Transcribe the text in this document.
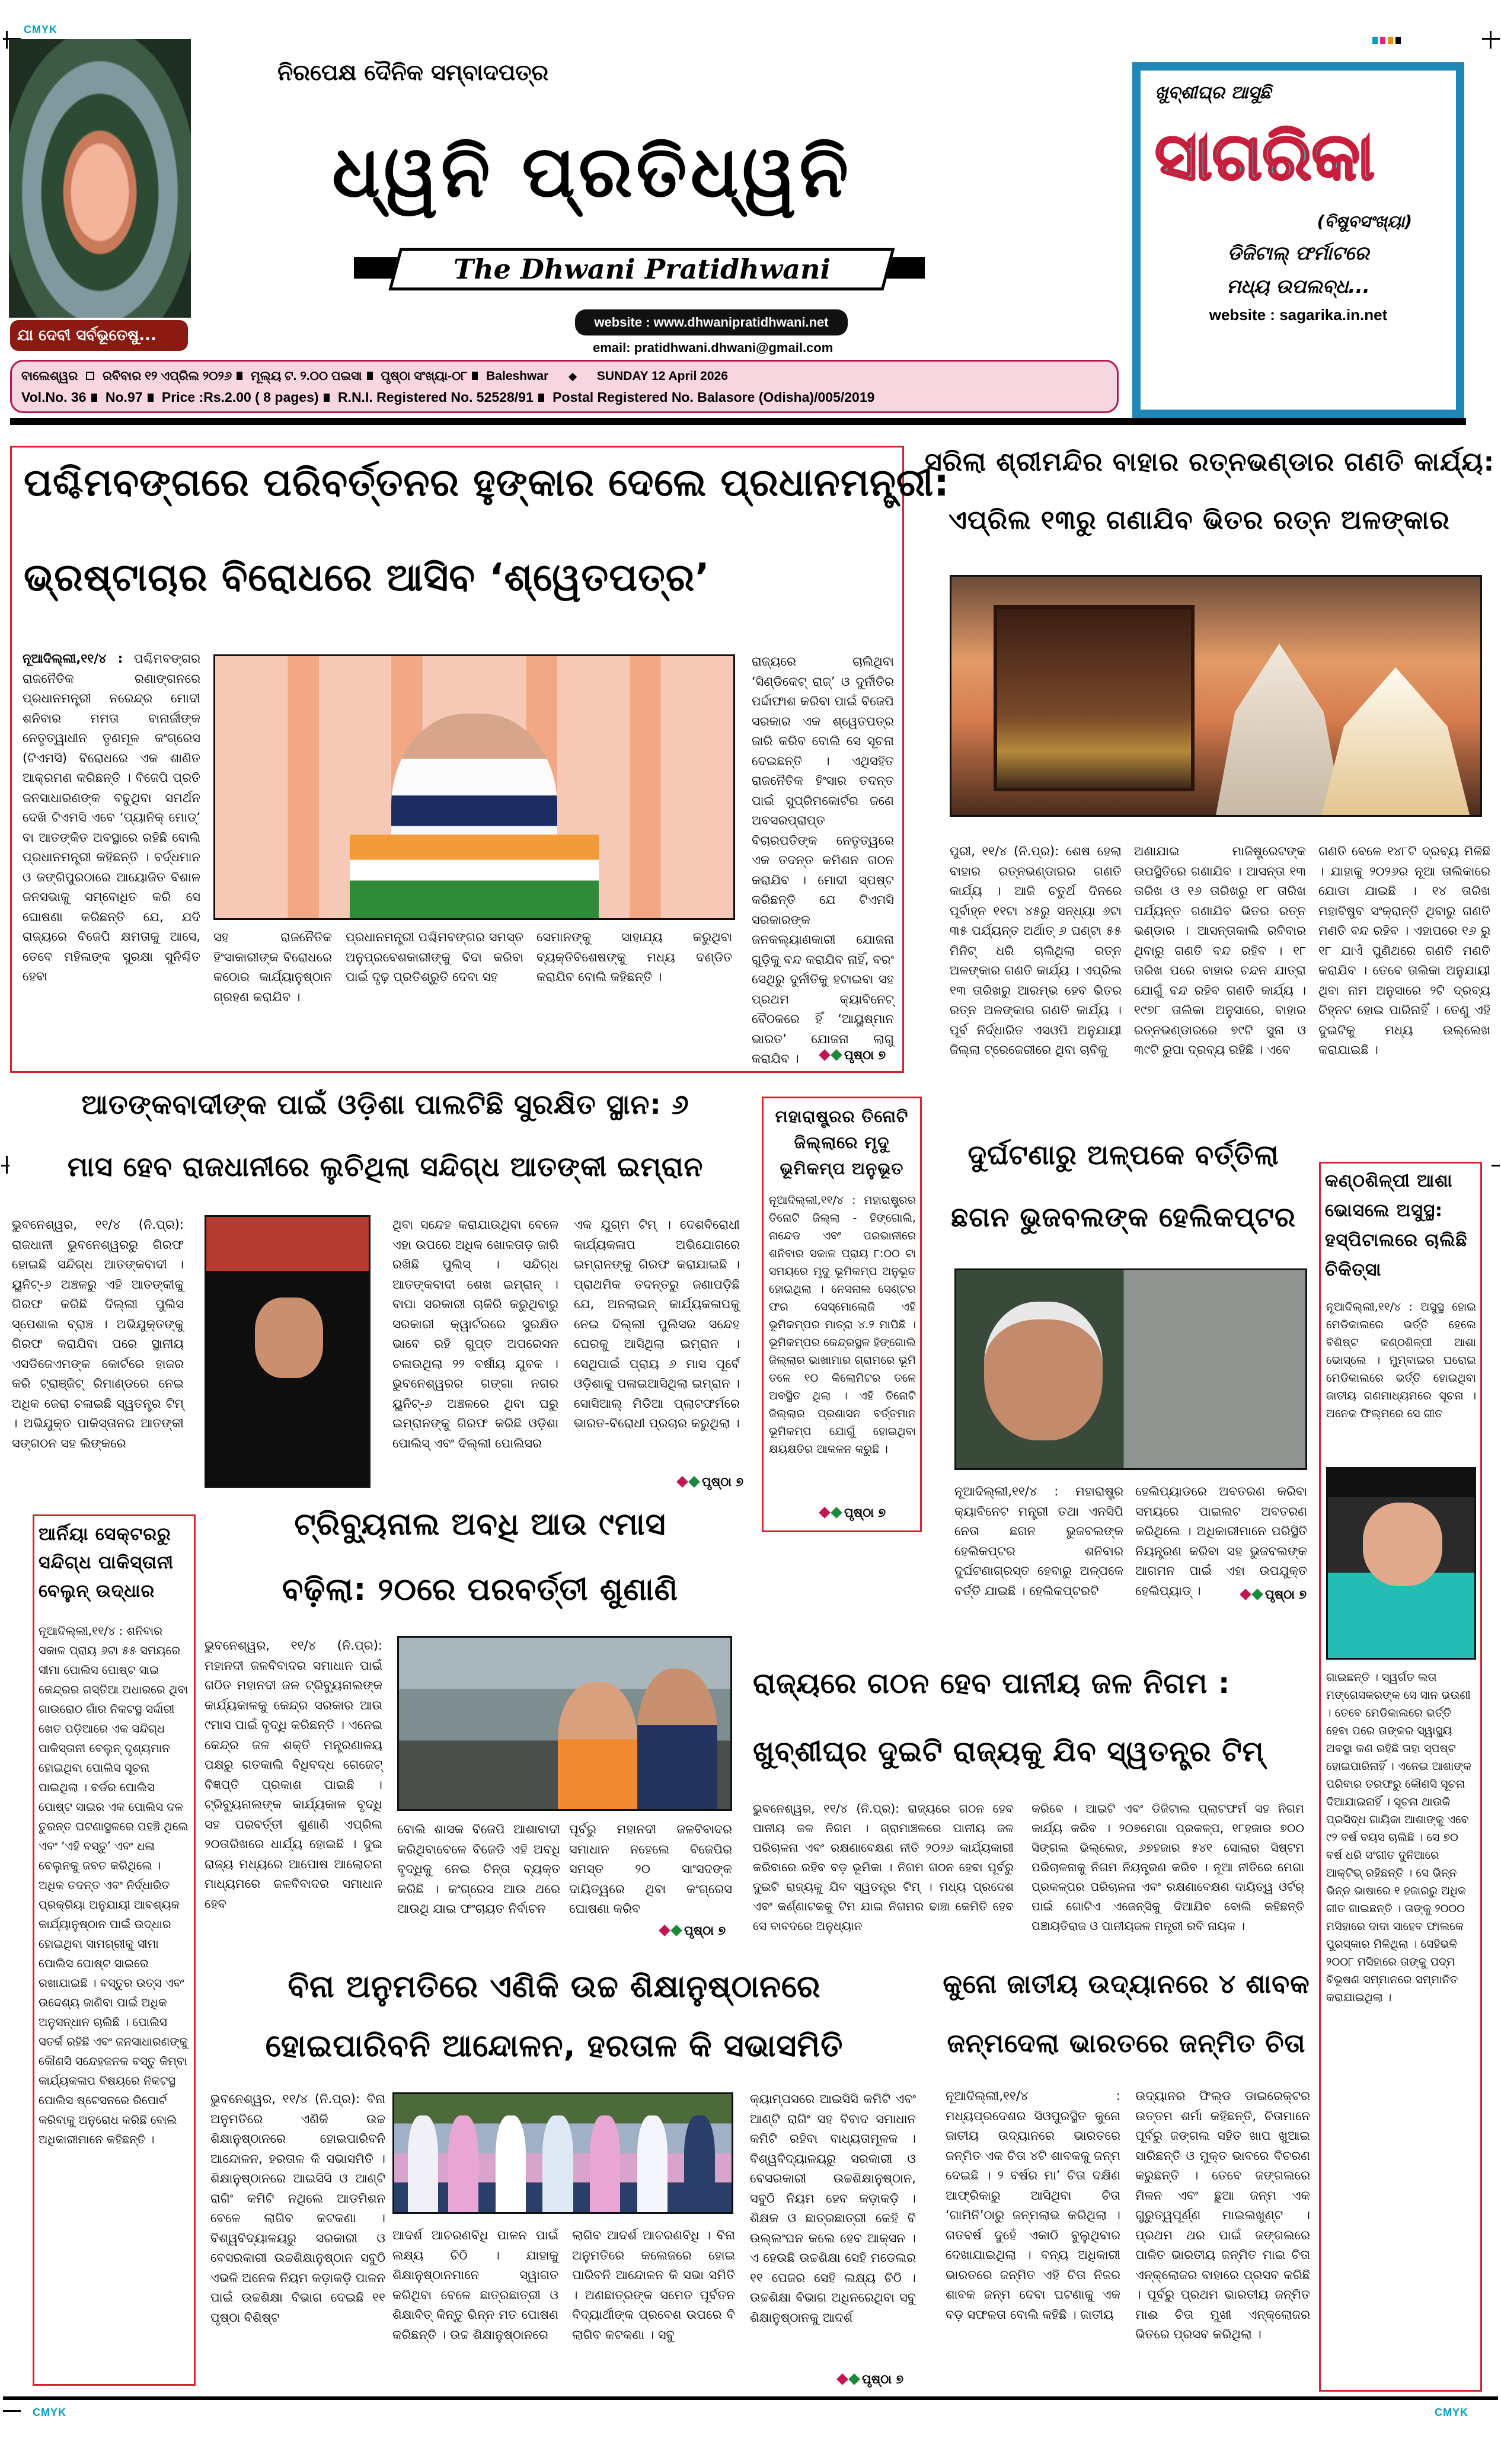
CMYK
CMYK	CMYK
ଯା ଦେବୀ ସର୍ବଭୂତେଷୁ...
ନିରପେକ୍ଷ ଦୈନିକ ସମ୍ବାଦପତ୍ର
ଧ୍ୱନି ପ୍ରତିଧ୍ୱନି
The Dhwani Pratidhwani
website : www.dhwanipratidhwani.net
email: pratidhwani.dhwani@gmail.com
ବାଲେଶ୍ୱର ରବିବାର ୧୨ ଏପ୍ରିଲ ୨୦୨୬ ମୂଲ୍ୟ ଟ. ୨.୦୦ ପଇସା ପୃଷ୍ଠା ସଂଖ୍ୟା-୦୮ Baleshwar	SUNDAY 12 April 2026
Vol.No. 36 No.97 Price :Rs.2.00 ( 8 pages) R.N.I. Registered No. 52528/91 Postal Registered No. Balasore (Odisha)/005/2019
ଖୁବ୍‌ଶୀଘ୍ର ଆସୁଛି
ସାଗରିକା
(ବିଷୁବସଂଖ୍ୟା)
ଡିଜିଟାଲ୍ ଫର୍ମାଟରେ
ମଧ୍ୟ ଉପଲବ୍ଧ...
website : sagarika.in.net
ପଶ୍ଚିମବଙ୍ଗରେ ପରିବର୍ତ୍ତନର ହୁଙ୍କାର ଦେଲେ ପ୍ରଧାନମନ୍ତ୍ରୀ:
ଭ୍ରଷ୍ଟାଚାର ବିରୋଧରେ ଆସିବ ‘ଶ୍ୱେତପତ୍ର’
ନୂଆଦିଲ୍ଲୀ,୧୧/୪ : ପଶ୍ଚିମବଙ୍ଗର ରାଜନୈତିକ ରଣାଙ୍ଗନରେ ପ୍ରଧାନମନ୍ତ୍ରୀ ନରେନ୍ଦ୍ର ମୋଦୀ ଶନିବାର ମମତା ବାନାର୍ଜୀଙ୍କ ନେତୃତ୍ୱାଧୀନ ତୃଣମୂଳ କଂଗ୍ରେସ (ଟିଏମସି) ବିରୋଧରେ ଏକ ଶାଣିତ ଆକ୍ରମଣ କରିଛନ୍ତି । ବିଜେପି ପ୍ରତି ଜନସାଧାରଣଙ୍କ ବଢୁଥିବା ସମର୍ଥନ ଦେଖି ଟିଏମସି ଏବେ ‘ପ୍ୟାନିକ୍ ମୋଡ୍’ ବା ଆତଙ୍କିତ ଅବସ୍ଥାରେ ରହିଛି ବୋଲି ପ୍ରଧାନମନ୍ତ୍ରୀ କହିଛନ୍ତି । ବର୍ଦ୍ଧମାନ ଓ ଜଙ୍ଗିପୁରଠାରେ ଆୟୋଜିତ ବିଶାଳ ଜନସଭାକୁ ସମ୍ବୋଧିତ କରି ସେ ଘୋଷଣା କରିଛନ୍ତି ଯେ, ଯଦି ରାଜ୍ୟରେ ବିଜେପି କ୍ଷମତାକୁ ଆସେ, ତେବେ ମହିଳାଙ୍କ ସୁରକ୍ଷା ସୁନିଶ୍ଚିତ ହେବା
ସହ ରାଜନୈତିକ ହିଂସାକାରୀଙ୍କ ବିରୋଧରେ କଠୋର କାର୍ଯ୍ୟାନୁଷ୍ଠାନ ଗ୍ରହଣ କରାଯିବ ।
ପ୍ରଧାନମନ୍ତ୍ରୀ ପଶ୍ଚିମବଙ୍ଗର ସମସ୍ତ ଅନୁପ୍ରବେଶକାରୀଙ୍କୁ ବିଦା କରିବା ପାଇଁ ଦୃଢ଼ ପ୍ରତିଶ୍ରୁତି ଦେବା ସହ
ସେମାନଙ୍କୁ ସାହାଯ୍ୟ କରୁଥିବା ବ୍ୟକ୍ତିବିଶେଷଙ୍କୁ ମଧ୍ୟ ଦଣ୍ଡିତ କରାଯିବ ବୋଲି କହିଛନ୍ତି ।
ରାଜ୍ୟରେ ଚାଲିଥିବା ‘ସିଣ୍ଡିକେଟ୍ ରାଜ୍’ ଓ ଦୁର୍ନୀତିର ପର୍ଦ୍ଦାଫାଶ କରିବା ପାଇଁ ବିଜେପି ସରକାର ଏକ ଶ୍ୱେତପତ୍ର ଜାରି କରିବ ବୋଲି ସେ ସୂଚନା ଦେଇଛନ୍ତି । ଏଥିସହିତ ରାଜନୈତିକ ହିଂସାର ତଦନ୍ତ ପାଇଁ ସୁପ୍ରିମକୋର୍ଟର ଜଣେ ଅବସରପ୍ରାପ୍ତ ବିଚାରପତିଙ୍କ ନେତୃତ୍ୱରେ ଏକ ତଦନ୍ତ କମିଶନ ଗଠନ କରାଯିବ । ମୋଦୀ ସ୍ପଷ୍ଟ କରିଛନ୍ତି ଯେ ଟିଏମସି ସରକାରଙ୍କ ଜନକଲ୍ୟାଣକାରୀ ଯୋଜନା ଗୁଡ଼ିକୁ ବନ୍ଦ କରାଯିବ ନାହିଁ, ବରଂ ସେଥିରୁ ଦୁର୍ନୀତିକୁ ହଟାଇବା ସହ ପ୍ରଥମ କ୍ୟାବିନେଟ୍ ବୈଠକରେ ହିଁ ‘ଆୟୁଷ୍ମାନ ଭାରତ’ ଯୋଜନା ଲାଗୁ କରାଯିବ ।	ପୃଷ୍ଠା ୭
ସରିଲା ଶ୍ରୀମନ୍ଦିର ବାହାର ରତ୍ନଭଣ୍ଡାର ଗଣତି କାର୍ଯ୍ୟ:
ଏପ୍ରିଲ ୧୩ରୁ ଗଣାଯିବ ଭିତର ରତ୍ନ ଅଳଙ୍କାର
ପୁରୀ, ୧୧/୪ (ନି.ପ୍ର): ଶେଷ ହେଲା ବାହାର ରତ୍ନଭଣ୍ଡାରର ଗଣତି କାର୍ଯ୍ୟ । ଆଜି ଚତୁର୍ଥ ଦିନରେ ପୂର୍ବାହ୍ନ ୧୧ଟା ୪୫ରୁ ସନ୍ଧ୍ୟା ୬ଟା ୩୫ ପର୍ଯ୍ୟନ୍ତ ଅର୍ଥାତ୍ ୬ ଘଣ୍ଟା ୫୫ ମିନିଟ୍ ଧରି ଚାଲିଥିଲା ରତ୍ନ ଅଳଙ୍କାର ଗଣତି କାର୍ଯ୍ୟ । ଏପ୍ରିଲ ୧୩ ତାରିଖରୁ ଆରମ୍ଭ ହେବ ଭିତର ରତ୍ନ ଅଳଙ୍କାର ଗଣତି କାର୍ଯ୍ୟ । ପୂର୍ବ ନିର୍ଦ୍ଧାରିତ ଏସଓପି ଅନୁଯାୟୀ ଜିଲ୍ଲା ଟ୍ରେଜେରୀରେ ଥିବା ଚାବିକୁ
ଅଣାଯାଇ ମାଜିଷ୍ଟ୍ରେଟଙ୍କ ଉପସ୍ଥିତିରେ ଗଣାଯିବ । ଆସନ୍ତା ୧୩ ତାରିଖ ଓ ୧୬ ତାରିଖରୁ ୧୮ ତାରିଖ ପର୍ଯ୍ୟନ୍ତ ଗଣାଯିବ ଭିତର ରତ୍ନ ଭଣ୍ଡାର । ଆସନ୍ତାକାଲି ରବିବାର ଥିବାରୁ ଗଣତି ବନ୍ଦ ରହିବ । ୧୮ ତାରିଖ ପରେ ବାହାର ଚନ୍ଦନ ଯାତ୍ରା ଯୋଗୁଁ ବନ୍ଦ ରହିବ ଗଣତି କାର୍ଯ୍ୟ । ୧୯୭୮ ତାଲିକା ଅନୁସାରେ, ବାହାର ରତ୍ନଭଣ୍ଡାରରେ ୭୯ଟି ସୁନା ଓ ୩୯ଟି ରୁପା ଦ୍ରବ୍ୟ ରହିଛି । ଏବେ
ଗଣତି ବେଳେ ୧୪୮ଟି ଦ୍ରବ୍ୟ ମିଳିଛି । ଯାହାକୁ ୨୦୨୬ର ନୂଆ ତାଲିକାରେ ଯୋଡା ଯାଇଛି । ୧୪ ତାରିଖ ମହାବିଷୁବ ସଂକ୍ରାନ୍ତି ଥିବାରୁ ଗଣତି ମଣତି ବନ୍ଦ ରହିବ । ଏହାପରେ ୧୬ ରୁ ୧୮ ଯାଏଁ ପୁଣିଥରେ ଗଣତି ମଣତି କରାଯିବ । ତେବେ ତାଲିକା ଅନୁଯାୟୀ ଥିବା ନାମ ଅନୁସାରେ ୨ଟି ଦ୍ରବ୍ୟ ଚିହ୍ନଟ ହୋଇ ପାରିନାହିଁ । ତେଣୁ ଏହି ଦୁଇଟିକୁ ମଧ୍ୟ ଉଲ୍ଲେଖ କରାଯାଇଛି ।
ଆତଙ୍କବାଦୀଙ୍କ ପାଇଁ ଓଡ଼ିଶା ପାଲଟିଛି ସୁରକ୍ଷିତ ସ୍ଥାନ: ୬
ମାସ ହେବ ରାଜଧାନୀରେ ଲୁଚିଥିଲା ସନ୍ଦିଗ୍ଧ ଆତଙ୍କୀ ଇମ୍ରାନ
ଭୁବନେଶ୍ୱର, ୧୧/୪ (ନି.ପ୍ର): ରାଜଧାନୀ ଭୁବନେଶ୍ୱରରୁ ଗିରଫ ହୋଇଛି ସନ୍ଦିଗ୍ଧ ଆତଙ୍କବାଦୀ । ୟୁନିଟ୍-୬ ଅଞ୍ଚଳରୁ ଏହି ଆତଙ୍କୀକୁ ଗିରଫ କରିଛି ଦିଲ୍ଲୀ ପୁଲିସ ସ୍ପେଶାଲ ବ୍ରାଞ୍ଚ । ଅଭିଯୁକ୍ତଙ୍କୁ ଗିରଫ କରାଯିବା ପରେ ସ୍ଥାନୀୟ ଏସଡିଜେଏମଙ୍କ କୋର୍ଟରେ ହାଜର କରି ଟ୍ରାଞ୍ଜିଟ୍ ରିମାଣ୍ଡରେ ନେଇ ଅଧିକ ଜେରା ଚଳାଇଛି ସ୍ୱତନ୍ତ୍ର ଟିମ୍ । ଅଭିଯୁକ୍ତ ପାକିସ୍ତାନର ଆତଙ୍କୀ ସଙ୍ଗଠନ ସହ ଲିଙ୍କରେ
ଥିବା ସନ୍ଦେହ କରାଯାଉଥିବା ବେଳେ ଏହା ଉପରେ ଅଧିକ ଖୋଳତାଡ଼ ଜାରି ରଖିଛି ପୁଲିସ୍ । ସନ୍ଦିଗ୍ଧ ଆତଙ୍କବାଦୀ ଶେଖ ଇମ୍ରାନ୍ । ବାପା ସରକାରୀ ଚାକିରି କରୁଥିବାରୁ ସରକାରୀ କ୍ୱାର୍ଟରରେ ସୁରକ୍ଷିତ ଭାବେ ରହି ଗୁପ୍ତ ଅପରେସନ ଚଳାଉଥିଲା ୨୨ ବର୍ଷୀୟ ଯୁବକ । ଭୁବନେଶ୍ୱରର ଗଙ୍ଗା ନଗର ୟୁନିଟ୍-୬ ଅଞ୍ଚଳରେ ଥିବା ଘରୁ ଇମ୍ରାନଙ୍କୁ ଗିରଫ କରିଛି ଓଡ଼ିଶା ପୋଲିସ୍ ଏବଂ ଦିଲ୍ଲୀ ପୋଲିସର
ଏକ ଯୁଗ୍ମ ଟିମ୍ । ଦେଶବିରୋଧୀ କାର୍ଯ୍ୟକଳାପ ଅଭିଯୋଗରେ ଇମ୍ରାନଙ୍କୁ ଗିରଫ କରାଯାଇଛି । ପ୍ରାଥମିକ ତଦନ୍ତରୁ ଜଣାପଡ଼ିଛି ଯେ, ଅନଲାଇନ୍ କାର୍ଯ୍ୟକଳାପକୁ ନେଇ ଦିଲ୍ଲୀ ପୁଲିସର ସନ୍ଦେହ ଘେରକୁ ଆସିଥିଲା ଇମ୍ରାନ । ସେଥିପାଇଁ ପ୍ରାୟ ୬ ମାସ ପୂର୍ବେ ଓଡ଼ିଶାକୁ ପଳାଇଆସିଥିଲା ଇମ୍ରାନ । ସୋସିଆଲ୍ ମିଡିଆ ପ୍ଲାଟଫର୍ମରେ ଭାରତ-ବିରୋଧୀ ପ୍ରଚାର କରୁଥିଲା ।
ପୃଷ୍ଠା ୭
ମହାରାଷ୍ଟ୍ରର ତିନୋଟି ଜିଲ୍ଲାରେ ମୃଦୁ ଭୂମିକମ୍ପ ଅନୁଭୂତ
ନୂଆଦିଲ୍ଲୀ,୧୧/୪ : ମହାରାଷ୍ଟ୍ରର ତିନୋଟି ଜିଲ୍ଲା - ହିଙ୍ଗୋଲି, ନାନ୍ଦେଡ ଏବଂ ପରଭାନୀରେ ଶନିବାର ସକାଳ ପ୍ରାୟ ୮:୦୦ ଟା ସମୟରେ ମୃଦୁ ଭୂମିକମ୍ପ ଅନୁଭୂତ ହୋଇଥିଲା । ନେସନାଲ ସେଣ୍ଟର ଫର ସେସ୍ମୋଲୋଜି ଏହି ଭୂମିକମ୍ପର ମାତ୍ରା ୪.୨ ମାପିଛି । ଭୂମିକମ୍ପର କେନ୍ଦ୍ରସ୍ଥଳ ହିଙ୍ଗୋଲି ଜିଲ୍ଲାର ଭାଖାମାର ଗ୍ରାମରେ ଭୂମି ତଳେ ୧୦ କିଲୋମିଟର ତଳେ ଅବସ୍ଥିତ ଥିଲା । ଏହି ତିନୋଟି ଜିଲ୍ଲାର ପ୍ରଶାସନ ବର୍ତ୍ତମାନ ଭୂମିକମ୍ପ ଯୋଗୁଁ ହୋଇଥିବା କ୍ଷୟକ୍ଷତିର ଆକଳନ କରୁଛି ।
ପୃଷ୍ଠା ୭
ଦୁର୍ଘଟଣାରୁ ଅଳ୍ପକେ ବର୍ତ୍ତିଲା
ଛଗନ ଭୁଜବଲଙ୍କ ହେଲିକପ୍ଟର
ନୂଆଦିଲ୍ଲୀ,୧୧/୪ : ମହାରାଷ୍ଟ୍ର କ୍ୟାବିନେଟ ମନ୍ତ୍ରୀ ତଥା ଏନସିପି ନେତା ଛଗନ ଭୁଜବଲଙ୍କ ହେଲିକପ୍ଟର ଶନିବାର ଦୁର୍ଘଟଣାଗ୍ରସ୍ତ ହେବାରୁ ଅଳ୍ପକେ ବର୍ତ୍ତି ଯାଇଛି । ହେଲିକପ୍ଟରଟି
ହେଲିପ୍ୟାଡରେ ଅବତରଣ କରିବା ସମୟରେ ପାଇଲଟ ଅବତରଣ କରିଥିଲେ । ଅଧିକାରୀମାନେ ପରିସ୍ଥିତି ନିୟନ୍ତ୍ରଣ କରିବା ସହ ଭୁଜବଲଙ୍କ ଆଗମନ ପାଇଁ ଏହା ଉପଯୁକ୍ତ ହେଲିପ୍ୟାଡ୍ ।	ପୃଷ୍ଠା ୭
କଣ୍ଠଶିଳ୍ପୀ ଆଶା ଭୋସଲେ ଅସୁସ୍ଥ: ହସ୍ପିଟାଲରେ ଚାଲିଛି ଚିକିତ୍ସା
ନୂଆଦିଲ୍ଲୀ,୧୧/୪ : ଅସୁସ୍ଥ ହୋଇ ମେଡିକାଲରେ ଭର୍ତ୍ତି ହେଲେ ବିଶିଷ୍ଟ କଣ୍ଠଶିଳ୍ପୀ ଆଶା ଭୋସ୍‌ଲେ । ମୁମ୍ବାଇର ଘରୋଇ ମେଡିକାଲରେ ଭର୍ତ୍ତି ହୋଇଥିବା ଜାତୀୟ ଗଣମାଧ୍ୟମରେ ସୂଚନା । ଅନେକ ଫିଲ୍ମରେ ସେ ଗୀତ
ଗାଇଛନ୍ତି । ସ୍ୱର୍ଗତ ଲତା ମଙ୍ଗେସକରଙ୍କ ସେ ସାନ ଭଉଣୀ । ତେବେ ମେଡିକାଲରେ ଭର୍ତ୍ତି ହେବା ପରେ ତାଙ୍କର ସ୍ୱାସ୍ଥ୍ୟ ଅବସ୍ଥା କଣ ରହିଛି ତାହା ସ୍ପଷ୍ଟ ହୋଇପାରିନାହିଁ । ଏନେଇ ଆଶାଙ୍କ ପରିବାର ତରଫରୁ କୌଣସି ସୂଚନା ଦିଆଯାଇନାହିଁ । ସୂଚନା ଥାଉକି ପ୍ରସିଦ୍ଧ ଗାୟିକା ଆଶାଙ୍କୁ ଏବେ ୯୨ ବର୍ଷ ବୟସ ଚାଲିଛି । ସେ ୭୦ ବର୍ଷ ଧରି ସଂଗୀତ ଦୁନିଆରେ ଆକ୍ଟିଭ୍ ରହିଛନ୍ତି । ସେ ଭିନ୍ନ ଭିନ୍ନ ଭାଷାରେ ୧ ହଜାରରୁ ଅଧିକ ଗୀତ ଗାଇଛନ୍ତି । ତାଙ୍କୁ ୨୦୦୦ ମସିହାରେ ଦାଦା ସାହେବ ଫାଲକେ ପୁରସ୍କାର ମିଳିଥିଲା । ସେହିଭଳି ୨୦୦୮ ମସିହାରେ ତାଙ୍କୁ ପଦ୍ମ ବିଭୂଷଣ ସମ୍ମାନରେ ସମ୍ମାନିତ କରାଯାଇଥିଲା ।
ଆର୍ନିୟା ସେକ୍ଟରରୁ ସନ୍ଦିଗ୍ଧ ପାକିସ୍ତାନୀ ବେଲୁନ୍ ଉଦ୍ଧାର
ନୂଆଦିଲ୍ଲୀ,୧୧/୪ : ଶନିବାର ସକାଳ ପ୍ରାୟ ୬ଟା ୫୫ ସମୟରେ ସୀମା ପୋଲିସ ପୋଷ୍ଟ ସାଇ କେନ୍ଦ୍ରର ଗସ୍ତିଆ ଅଧାରରେ ଥିବା ଗାଉରୋଠ ଗାଁର ନିକଟସ୍ଥ ସର୍ଦ୍ଦାରୀ ଖେତ ପଡ଼ିଆରେ ଏକ ସନ୍ଦିଗ୍ଧ ପାକିସ୍ତାନୀ ବେଲୁନ୍ ଦୃଶ୍ୟମାନ ହୋଇଥିବା ପୋଲିସ ସୂଚନା ପାଇଥିଲା । ବର୍ଡର ପୋଲିସ ପୋଷ୍ଟ ସାଇର ଏକ ପୋଲିସ ଦଳ ତୁରନ୍ତ ଘଟଣାସ୍ଥଳରେ ପହଞ୍ଚି ଥିଲେ ଏବଂ ‘ଏହି ବସ୍ତୁ’ ଏବଂ ଧଳା ବେଲୁନକୁ ଜବତ କରିଥିଲେ । ଅଧିକ ତଦନ୍ତ ଏବଂ ନିର୍ଦ୍ଧାରିତ ପ୍ରକ୍ରିୟା ଅନୁଯାୟୀ ଆବଶ୍ୟକ କାର୍ଯ୍ୟାନୁଷ୍ଠାନ ପାଇଁ ଉଦ୍ଧାର ହୋଇଥିବା ସାମଗ୍ରୀକୁ ସୀମା ପୋଲିସ ପୋଷ୍ଟ ସାଇରେ ରଖାଯାଇଛି । ବସ୍ତୁର ଉତ୍ସ ଏବଂ ଉଦ୍ଦେଶ୍ୟ ଜାଣିବା ପାଇଁ ଅଧିକ ଅନୁସନ୍ଧାନ ଚାଲିଛି । ପୋଲିସ ସତର୍କ ରହିଛି ଏବଂ ଜନସାଧାରଣଙ୍କୁ କୌଣସି ସନ୍ଦେହଜନକ ବସ୍ତୁ କିମ୍ବା କାର୍ଯ୍ୟକଳାପ ବିଷୟରେ ନିକଟସ୍ଥ ପୋଲିସ ଷ୍ଟେସନରେ ରିପୋର୍ଟ କରିବାକୁ ଅନୁରୋଧ କରିଛି ବୋଲି ଅଧିକାରୀମାନେ କହିଛନ୍ତି ।
ଟ୍ରିବ୍ୟୁନାଲ ଅବଧି ଆଉ ୯ମାସ
ବଢ଼ିଲା: ୨୦ରେ ପରବର୍ତ୍ତୀ ଶୁଣାଣି
ଭୁବନେଶ୍ୱର, ୧୧/୪ (ନି.ପ୍ର): ମହାନଦୀ ଜଳବିବାଦର ସମାଧାନ ପାଇଁ ଗଠିତ ମହାନଦୀ ଜଳ ଟ୍ରିବ୍ୟୁନାଲଙ୍କ କାର୍ଯ୍ୟକାଳକୁ କେନ୍ଦ୍ର ସରକାର ଆଉ ୯ମାସ ପାଇଁ ବୃଦ୍ଧି କରିଛନ୍ତି । ଏନେଇ କେନ୍ଦ୍ର ଜଳ ଶକ୍ତି ମନ୍ତ୍ରଣାଳୟ ପକ୍ଷରୁ ଗତକାଲି ବିଧିବଦ୍ଧ ଗେଜେଟ୍ ବିଜ୍ଞପ୍ତି ପ୍ରକାଶ ପାଇଛି । ଟ୍ରିବ୍ୟୁନାଲଙ୍କ କାର୍ଯ୍ୟକାଳ ବୃଦ୍ଧି ସହ ପରବର୍ତ୍ତୀ ଶୁଣାଣି ଏପ୍ରିଲ ୨୦ତାରିଖରେ ଧାର୍ଯ୍ୟ ହୋଇଛି । ଦୁଇ ରାଜ୍ୟ ମଧ୍ୟରେ ଆପୋଷ ଆଲୋଚନା ମାଧ୍ୟମରେ ଜଳବିବାଦର ସମାଧାନ ହେବ
ବୋଲି ଶାସକ ବିଜେପି ଆଶାବାଦୀ କରିଥିବାବେଳେ ବିଜେଡି ଏହି ଅବଧି ବୃଦ୍ଧିକୁ ନେଇ ଚିନ୍ତା ବ୍ୟକ୍ତ କରିଛି । କଂଗ୍ରେସ ଆଉ ଥରେ ଆଉଥି ଯାଇ ଫଂଚାୟତ ନିର୍ବାଚନ
ପୂର୍ବରୁ ମହାନଦୀ ଜଳବିବାଦର ସମାଧାନ ନହେଲେ ବିଜେପିର ସମସ୍ତ ୨୦ ସାଂସଦଙ୍କ ଦାୟିତ୍ୱରେ ଥିବା କଂଗ୍ରେସ ଘୋଷଣା କରିବ
ପୃଷ୍ଠା ୭
ରାଜ୍ୟରେ ଗଠନ ହେବ ପାନୀୟ ଜଳ ନିଗମ :
ଖୁବ୍‌ଶୀଘ୍ର ଦୁଇଟି ରାଜ୍ୟକୁ ଯିବ ସ୍ୱତନ୍ତ୍ର ଟିମ୍
ଭୁବନେଶ୍ୱର, ୧୧/୪ (ନି.ପ୍ର): ରାଜ୍ୟରେ ଗଠନ ହେବ ପାନୀୟ ଜଳ ନିଗମ । ଗ୍ରାମାଞ୍ଚଳରେ ପାନୀୟ ଜଳ ପରିଚାଳନା ଏବଂ ରକ୍ଷଣାବେକ୍ଷଣ ନୀତି ୨୦୨୬ କାର୍ଯ୍ୟକାରୀ କରିବାରେ ରହିବ ବଡ଼ ଭୂମିକା । ନିଗମ ଗଠନ ହେବା ପୂର୍ବରୁ ଦୁଇଟି ରାଜ୍ୟକୁ ଯିବ ସ୍ୱତନ୍ତ୍ର ଟିମ୍ । ମଧ୍ୟ ପ୍ରଦେଶ ଏବଂ କର୍ଣ୍ଣାଟକକୁ ଟିମ ଯାଇ ନିଗମର ଢାଞ୍ଚା କେମିତି ହେବ ସେ ବାବଦରେ ଅନୁଧ୍ୟାନ
କରିବେ । ଆଇଟି ଏବଂ ଡିଜିଟାଲ ପ୍ଲାଟଫର୍ମ ସହ ନିଗମ କାର୍ଯ୍ୟ କରିବ । ୨୦୭ମେଗା ପ୍ରକଳ୍ପ, ୧୮ହଜାର ୭୦୦ ସିଙ୍ଗଲ ଭିଲ୍ଲେଜ, ୬୭ହଜାର ୫୪୧ ସୋଲାର ସିଷ୍ଟମ ପରିଚାଳନାକୁ ନିଗମ ନିୟନ୍ତ୍ରଣ କରିବ । ନୂଆ ନୀତିରେ ମେଗା ପ୍ରକଳ୍ପର ପରିଚାଳନା ଏବଂ ରକ୍ଷଣାବେକ୍ଷଣ ଦାୟିତ୍ୱ ଓର୍ଟର୍ ପାଇଁ ଗୋଟିଏ ଏଜେନ୍ସିକୁ ଦିଆଯିବ ବୋଲି କହିଛନ୍ତି ପଞ୍ଚାୟତିରାଜ ଓ ପାନୀୟଜଳ ମନ୍ତ୍ରୀ ରବି ନାୟକ ।
ବିନା ଅନୁମତିରେ ଏଣିକି ଉଚ୍ଚ ଶିକ୍ଷାନୁଷ୍ଠାନରେ
ହୋଇପାରିବନି ଆନ୍ଦୋଳନ, ହରତାଳ କି ସଭାସମିତି
ଭୁବନେଶ୍ୱର, ୧୧/୪ (ନି.ପ୍ର): ବିନା ଅନୁମତିରେ ଏଣିକି ଉଚ୍ଚ ଶିକ୍ଷାନୁଷ୍ଠାନରେ ହୋଇପାରିବନି ଆନ୍ଦୋଳନ, ହରତାଳ କି ସଭାସମିତି । ଶିକ୍ଷାନୁଷ୍ଠାନରେ ଆଇସିସି ଓ ଆଣ୍ଟି ରାଗିଂ କମିଟି ନଥିଲେ ଆଡମିଶନ ବେଳେ ଲାଗିବ କଟକଣା । ବିଶ୍ୱବିଦ୍ୟାଳୟରୁ ସରକାରୀ ଓ ବେସରକାରୀ ଉଚ୍ଚଶିକ୍ଷାନୁଷ୍ଠାନ ସବୁଠି ଏଭଳି ଅନେକ ନିୟମ କଡ଼ାକଡ଼ି ପାଳନ ପାଇଁ ଉଚ୍ଚଶିକ୍ଷା ବିଭାଗ ଦେଇଛି ୧୧ ପୃଷ୍ଠା ବିଶିଷ୍ଟ
ଆଦର୍ଶ ଆଚରଣବିଧି ପାଳନ ପାଇଁ ଲକ୍ଷ୍ୟ ଚିଠି । ଯାହାକୁ ଶିକ୍ଷାନୁଷ୍ଠାନମାନେ ସ୍ୱାଗତ କରିଥିବା ବେଳେ ଛାତ୍ରଛାତ୍ରୀ ଓ ଶିକ୍ଷାବିତ୍ କିନ୍ତୁ ଭିନ୍ନ ମତ ପୋଷଣ କରିଛନ୍ତି । ଉଚ୍ଚ ଶିକ୍ଷାନୁଷ୍ଠାନରେ
ଲାଗିବ ଆଦର୍ଶ ଆଚରଣବିଧି । ବିନା ଅନୁମତିରେ କଲେଜରେ ହୋଇ ପାରିବନି ଆନ୍ଦୋଳନ କି ସଭା ସମିତି । ଅଣଛାତ୍ରଙ୍କ ସମେତ ପୂର୍ବତନ ବିଦ୍ୟାର୍ଥୀଙ୍କ ପ୍ରବେଶ ଉପରେ ବି ଲାଗିବ କଟକଣା । ସବୁ
କ୍ୟାମ୍ପସରେ ଆଇସିସି କମିଟି ଏବଂ ଆଣ୍ଟି ରାଗିଂ ସହ ବିବାଦ ସମାଧାନ କମିଟି ରହିବା ବାଧ୍ୟତାମୂଳକ । ବିଶ୍ୱବିଦ୍ୟାଳୟରୁ ସରକାରୀ ଓ ବେସରକାରୀ ଉଚ୍ଚଶିକ୍ଷାନୁଷ୍ଠାନ, ସବୁଠି ନିୟମ ହେବ କଡ଼ାକଡ଼ି । ଶିକ୍ଷକ ଓ ଛାତ୍ରଛାତ୍ରୀ କେହି ବି ଉଲ୍ଲଂଘନ କଲେ ହେବ ଆକ୍ସନ । ଏ ହେଉଛି ଉଚ୍ଚଶିକ୍ଷା ସେହି ମଡେଲର ୧୧ ପେଜର ସେହି ଲକ୍ଷ୍ୟ ଚିଠି । ଉଚ୍ଚଶିକ୍ଷା ବିଭାଗ ଅଧିନରେଥିବା ସବୁ ଶିକ୍ଷାନୁଷ୍ଠାନକୁ ଆଦର୍ଶ
ପୃଷ୍ଠା ୭
କୁନୋ ଜାତୀୟ ଉଦ୍ୟାନରେ ୪ ଶାବକ
ଜନ୍ମଦେଲା ଭାରତରେ ଜନ୍ମିତ ଚିତା
ନୂଆଦିଲ୍ଲୀ,୧୧/୪ : ମଧ୍ୟପ୍ରଦେଶର ସିଓପୁରସ୍ଥିତ କୁନୋ ଜାତୀୟ ଉଦ୍ୟାନରେ ଭାରତରେ ଜନ୍ମିତ ଏକ ଚିତା ୪ଟି ଶାବକକୁ ଜନ୍ମ ଦେଇଛି । ୨ ବର୍ଷର ମା’ ଚିତା ଦକ୍ଷିଣ ଆଫ୍ରିକାରୁ ଆସିଥିବା ଚିତା ‘ଗାମିନି’ଠାରୁ ଜନ୍ମଲାଭ କରିଥିଲା । ଗତବର୍ଷ ଦୁହେଁ ଏକାଠି ବୁଲୁଥିବାର ଦେଖାଯାଇଥିଲା । ବନ୍ୟ ଅଧିକାରୀ ଭାରତରେ ଜନ୍ମିତ ଏହି ଚିତା ନିଜର ଶାବକ ଜନ୍ମ ଦେବା ଘଟଣାକୁ ଏକ ବଡ଼ ସଫଳତା ବୋଲି କହିଛି । ଜାତୀୟ
ଉଦ୍ୟାନର ଫିଲ୍ଡ ଡାଇରେକ୍ଟର ଉତ୍ତମ ଶର୍ମା କହିଛନ୍ତି, ଚିତାମାନେ ପୂର୍ବରୁ ଜଙ୍ଗଲ ସହିତ ଖାପ ଖୁଆଇ ସାରିଛନ୍ତି ଓ ମୁକ୍ତ ଭାବରେ ବିଚରଣ କରୁଛନ୍ତି । ତେବେ ଜଙ୍ଗଲରେ ମିଳନ ଏବଂ ଛୁଆ ଜନ୍ମ ଏକ ଗୁରୁତ୍ୱପୂର୍ଣ୍ଣ ମାଇଲଖୁଣ୍ଟ । ପ୍ରଥମ ଥର ପାଇଁ ଜଙ୍ଗଲରେ ପାଳିତ ଭାରତୀୟ ଜନ୍ମିତ ମାଇ ଚିତା ଏନ୍‌କ୍ଲୋଜର ବାହାରେ ପ୍ରସବ କରିଛି । ପୂର୍ବରୁ ପ୍ରଥମ ଭାରତୀୟ ଜନ୍ମିତ ମାଈ ଚିତା ମୁଖୀ ଏନ୍‌କ୍ଲୋଜର ଭିତରେ ପ୍ରସବ କରିଥିଲା ।
